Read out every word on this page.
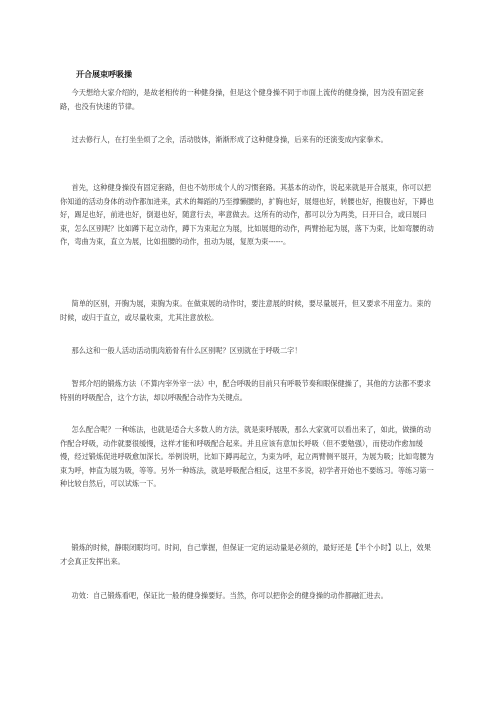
开合展束呼吸操

今天想给大家介绍的，是故老相传的一种健身操，但是这个健身操不同于市面上流传的健身操，因为没有固定套路，也没有快速的节律。

过去修行人，在打坐坐烦了之余，活动肢体，渐渐形成了这种健身操，后来有的还演变成内家拳术。

首先，这种健身操没有固定套路，但也不妨形成个人的习惯套路。其基本的动作，说起来就是开合展束，你可以把你知道的活动身体的动作都加进来，武术的舞蹈的乃至撑懒腰的，扩胸也好，展翅也好，转腰也好，抱腹也好，下蹲也好，踢足也好，前进也好，倒退也好，随意行去，率意做去。这所有的动作，都可以分为两类，曰开曰合，或曰展曰束，怎么区别呢？比如蹲下起立动作，蹲下为束起立为展，比如展翅的动作，两臂抬起为展，落下为束，比如弯腰的动作，弯曲为束，直立为展，比如扭腰的动作，扭动为展，复原为束------。

简单的区别，开胸为展，束胸为束。在做束展的动作时，要注意展的时候，要尽量展开，但又要求不用蛮力。束的时候，或归于直立，或尽量收束，尤其注意放松。

那么这和一般人活动活动肌肉筋骨有什么区别呢？区别就在于呼吸二字！

智邦介绍的锻炼方法（不算内宰外宰一法）中，配合呼吸的目前只有呼吸节奏和眼保健操了，其他的方法都不要求特别的呼吸配合，这个方法，却以呼吸配合动作为关键点。

怎么配合呢？一种练法，也就是适合大多数人的方法，就是束呼展吸，那么大家就可以看出来了，如此，做操的动作配合呼吸，动作就要很缓慢，这样才能和呼吸配合起来。并且应该有意加长呼吸（但不要勉强），而使动作愈加缓慢，经过锻炼促进呼吸愈加深长。举例说明，比如下蹲再起立，为束为呼，起立两臂侧平展开，为展为吸；比如弯腰为束为呼，伸直为展为吸，等等。另外一种练法，就是呼吸配合相反，这里不多说，初学者开始也不要练习。等练习第一种比较自然后，可以试炼一下。

锻炼的时候，静眼闭眼均可。时间，自己掌握，但保证一定的运动量是必须的，最好还是【半个小时】以上，效果才会真正发挥出来。

功效：自己锻炼看吧，保证比一般的健身操要好。当然，你可以把你会的健身操的动作都融汇进去。
